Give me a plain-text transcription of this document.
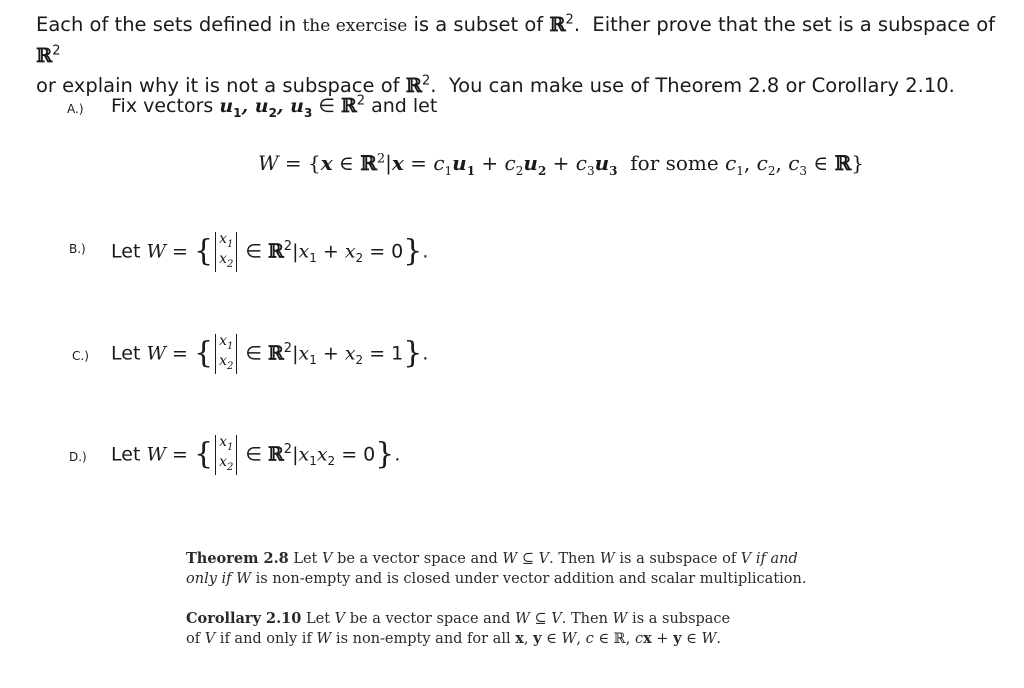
Each of the sets defined in the exercise is a subset of ℝ$^2$.  Either prove that the set is a subspace of ℝ$^2$
or explain why it is not a subspace of ℝ$^2$.  You can make use of Theorem 2.8 or Corollary 2.10.
A.) Fix vectors $u_1$, $u_2$, $u_3$ ∈ ℝ$^2$ and let
W = {x ∈ ℝ$^2$|x = $c_1u_1 + c_2u_2 + c_3u_3$  for some $c_1$, $c_2$, $c_3$ ∈ ℝ}
B.) Let W = { $x_1$
$x_2$
∈ $ℝ^2|x_1 + x_2 = 0$}.
C.) Let W = { $x_1$
$x_2$
∈ $ℝ^2|x_1 + x_2 = 1$}.
D.) Let W = { $x_1$
$x_2$
∈ $ℝ^2|x_1x_2 = 0$}.
Theorem 2.8 Let V be a vector space and W ⊆ V. Then W is a subspace of V if and
only if W is non-empty and is closed under vector addition and scalar multiplication.
Corollary 2.10 Let V be a vector space and W ⊆ V. Then W is a subspace
of V if and only if W is non-empty and for all x, y ∈ W, c ∈ ℝ, cx + y ∈ W.
